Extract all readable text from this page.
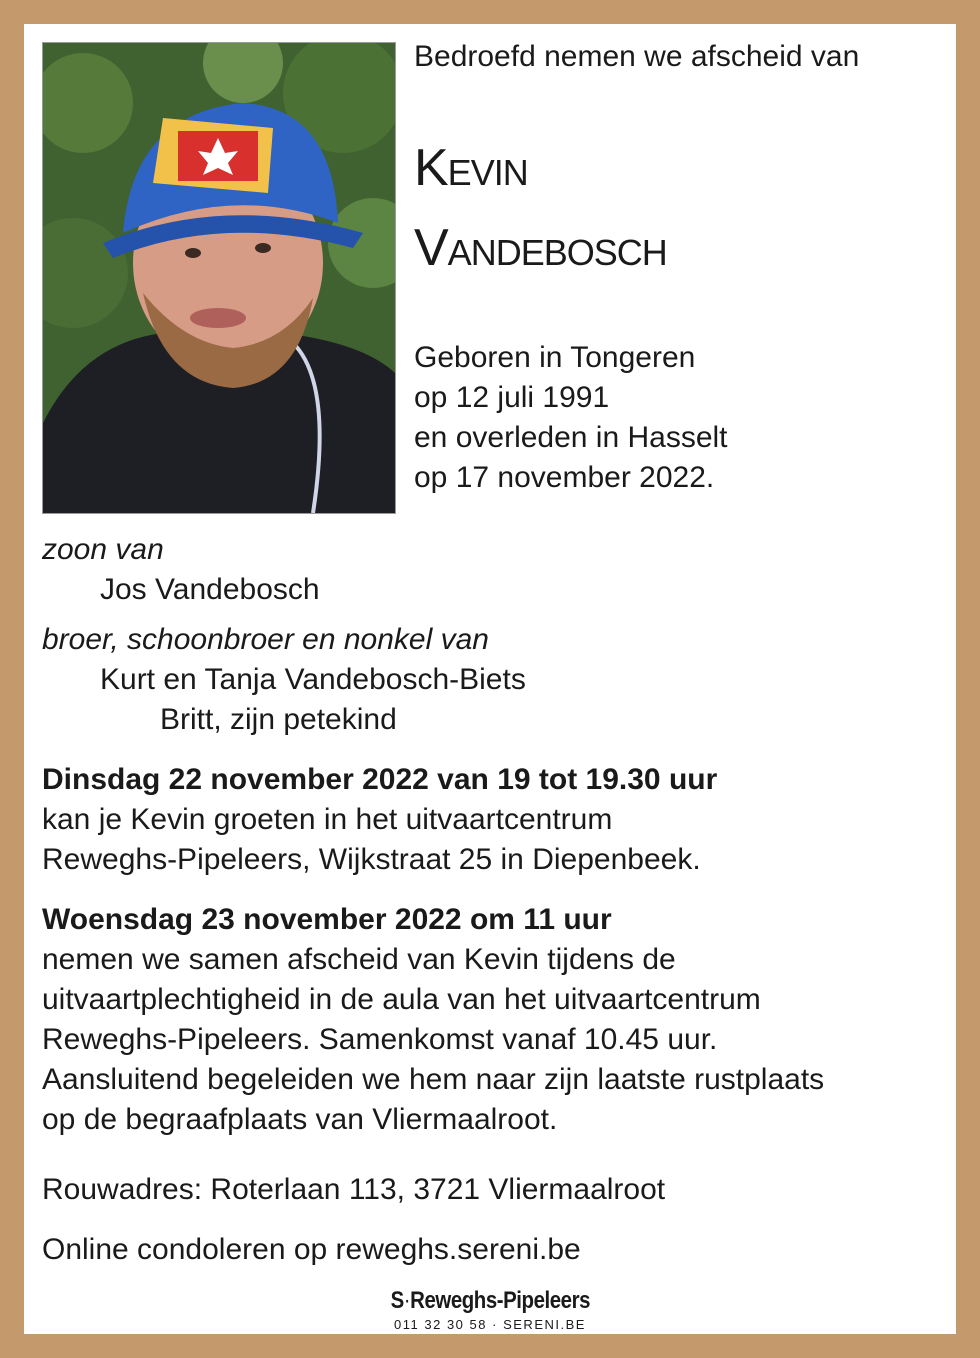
Bedroefd nemen we afscheid van

Kevin
Vandebosch
Geboren in Tongeren
op 12 juli 1991
en overleden in Hasselt
op 17 november 2022.
zoon van
Jos Vandebosch
broer, schoonbroer en nonkel van
Kurt en Tanja Vandebosch-Biets
Britt, zijn petekind
Dinsdag 22 november 2022 van 19 tot 19.30 uur
kan je Kevin groeten in het uitvaartcentrum
Reweghs-Pipeleers, Wijkstraat 25 in Diepenbeek.
Woensdag 23 november 2022 om 11 uur
nemen we samen afscheid van Kevin tijdens de
uitvaartplechtigheid in de aula van het uitvaartcentrum
Reweghs-Pipeleers. Samenkomst vanaf 10.45 uur.
Aansluitend begeleiden we hem naar zijn laatste rustplaats
op de begraafplaats van Vliermaalroot.
Rouwadres: Roterlaan 113, 3721 Vliermaalroot
Online condoleren op reweghs.sereni.be
S·Reweghs-Pipeleers
011 32 30 58 · SERENI.BE
